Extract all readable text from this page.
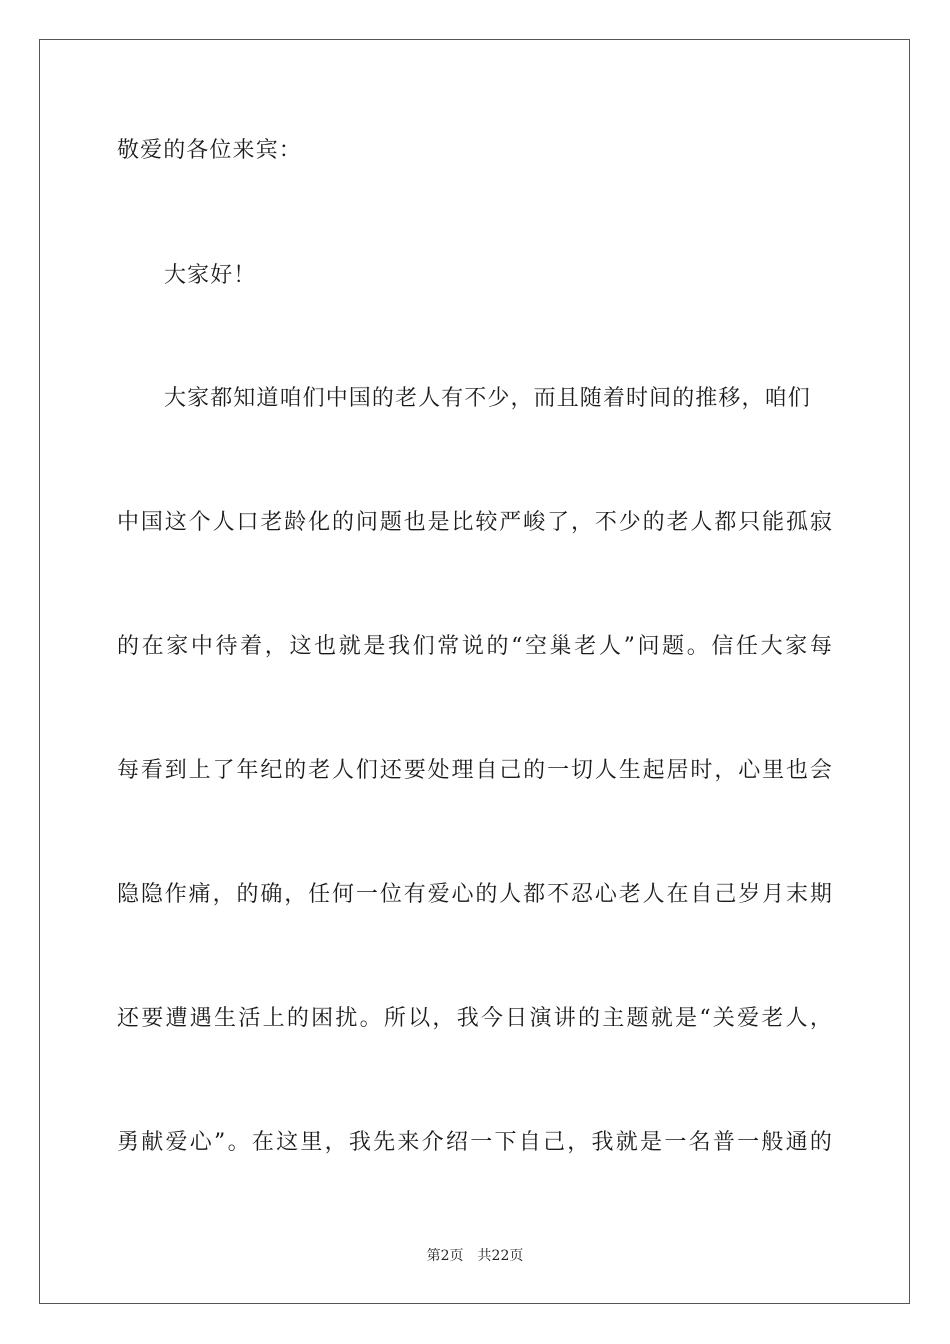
敬爱的各位来宾：
大家好！
大家都知道咱们中国的老人有不少，而且随着时间的推移，咱们
中国这个人口老龄化的问题也是比较严峻了，不少的老人都只能孤寂
的在家中待着，这也就是我们常说的“空巢老人”问题。信任大家每
每看到上了年纪的老人们还要处理自己的一切人生起居时，心里也会
隐隐作痛，的确，任何一位有爱心的人都不忍心老人在自己岁月末期
还要遭遇生活上的困扰。所以，我今日演讲的主题就是“关爱老人，
勇献爱心”。在这里，我先来介绍一下自己，我就是一名普一般通的
第2页 共22页
